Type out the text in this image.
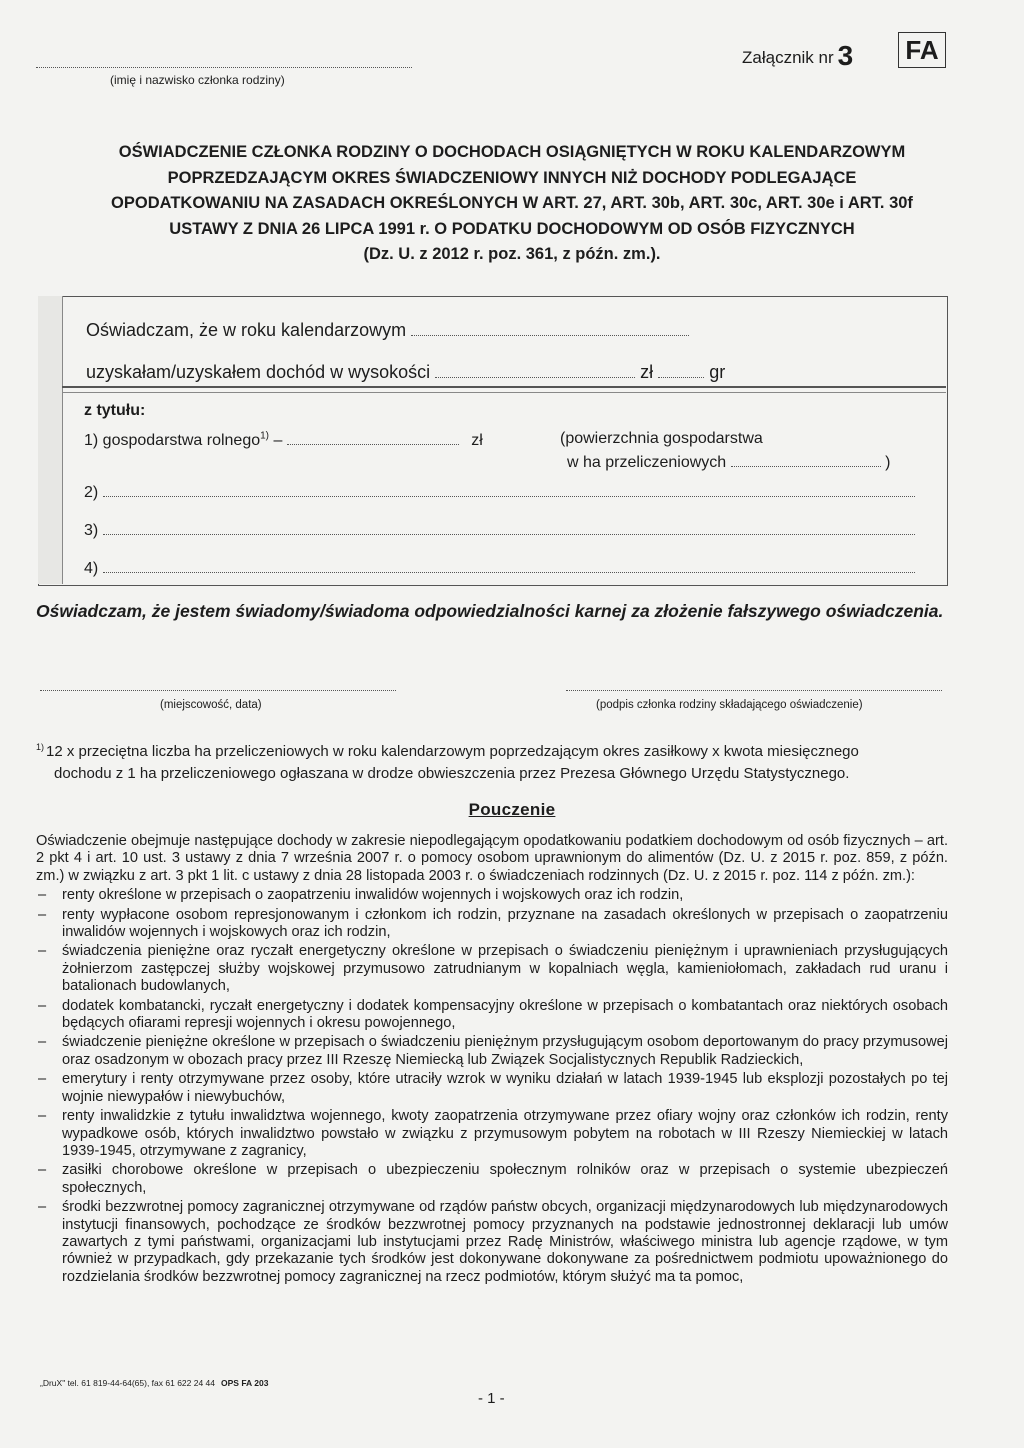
(imię i nazwisko członka rodziny)
Załącznik nr 3 FA
OŚWIADCZENIE CZŁONKA RODZINY O DOCHODACH OSIĄGNIĘTYCH W ROKU KALENDARZOWYM
POPRZEDZAJĄCYM OKRES ŚWIADCZENIOWY INNYCH NIŻ DOCHODY PODLEGAJĄCE
OPODATKOWANIU NA ZASADACH OKREŚLONYCH W ART. 27, ART. 30b, ART. 30c, ART. 30e i ART. 30f
USTAWY Z DNIA 26 LIPCA 1991 r. O PODATKU DOCHODOWYM OD OSÓB FIZYCZNYCH
(Dz. U. z 2012 r. poz. 361, z późn. zm.).
Oświadczam, że w roku kalendarzowym
uzyskałam/uzyskałem dochód w wysokości	zł	gr
z tytułu:
1) gospodarstwa rolnego$^{1)}$ –	zł	(powierzchnia gospodarstwa
w ha przeliczeniowych	)
2)
3)
4)
Oświadczam, że jestem świadomy/świadoma odpowiedzialności karnej za złożenie fałszywego oświadczenia.
(miejscowość, data)	(podpis członka rodziny składającego oświadczenie)
$^{1)}$ 12 x przeciętna liczba ha przeliczeniowych w roku kalendarzowym poprzedzającym okres zasiłkowy x kwota miesięcznego
dochodu z 1 ha przeliczeniowego ogłaszana w drodze obwieszczenia przez Prezesa Głównego Urzędu Statystycznego.
Pouczenie

Oświadczenie obejmuje następujące dochody w zakresie niepodlegającym opodatkowaniu podatkiem dochodowym od osób fizycznych – art. 2 pkt 4 i art. 10 ust. 3 ustawy z dnia 7 września 2007 r. o pomocy osobom uprawnionym do alimentów (Dz. U. z 2015 r. poz. 859, z późn. zm.) w związku z art. 3 pkt 1 lit. c ustawy z dnia 28 listopada 2003 r. o świadczeniach rodzinnych (Dz. U. z 2015 r. poz. 114 z późn. zm.):

– renty określone w przepisach o zaopatrzeniu inwalidów wojennych i wojskowych oraz ich rodzin,
– renty wypłacone osobom represjonowanym i członkom ich rodzin, przyznane na zasadach określonych w przepisach o zaopatrzeniu inwalidów wojennych i wojskowych oraz ich rodzin,
– świadczenia pieniężne oraz ryczałt energetyczny określone w przepisach o świadczeniu pieniężnym i uprawnieniach przysługujących żołnierzom zastępczej służby wojskowej przymusowo zatrudnianym w kopalniach węgla, kamieniołomach, zakładach rud uranu i batalionach budowlanych,
– dodatek kombatancki, ryczałt energetyczny i dodatek kompensacyjny określone w przepisach o kombatantach oraz niektórych osobach będących ofiarami represji wojennych i okresu powojennego,
– świadczenie pieniężne określone w przepisach o świadczeniu pieniężnym przysługującym osobom deportowanym do pracy przymusowej oraz osadzonym w obozach pracy przez III Rzeszę Niemiecką lub Związek Socjalistycznych Republik Radzieckich,
– emerytury i renty otrzymywane przez osoby, które utraciły wzrok w wyniku działań w latach 1939-1945 lub eksplozji pozostałych po tej wojnie niewypałów i niewybuchów,
– renty inwalidzkie z tytułu inwalidztwa wojennego, kwoty zaopatrzenia otrzymywane przez ofiary wojny oraz członków ich rodzin, renty wypadkowe osób, których inwalidztwo powstało w związku z przymusowym pobytem na robotach w III Rzeszy Niemieckiej w latach 1939-1945, otrzymywane z zagranicy,
– zasiłki chorobowe określone w przepisach o ubezpieczeniu społecznym rolników oraz w przepisach o systemie ubezpieczeń społecznych,
– środki bezzwrotnej pomocy zagranicznej otrzymywane od rządów państw obcych, organizacji międzynarodowych lub międzynarodowych instytucji finansowych, pochodzące ze środków bezzwrotnej pomocy przyznanych na podstawie jednostronnej deklaracji lub umów zawartych z tymi państwami, organizacjami lub instytucjami przez Radę Ministrów, właściwego ministra lub agencje rządowe, w tym również w przypadkach, gdy przekazanie tych środków jest dokonywane dokonywane za pośrednictwem podmiotu upoważnionego do rozdzielania środków bezzwrotnej pomocy zagranicznej na rzecz podmiotów, którym służyć ma ta pomoc,
„DruX" tel. 61 819-44-64(65), fax 61 622 24 44 OPS FA 203
- 1 -
